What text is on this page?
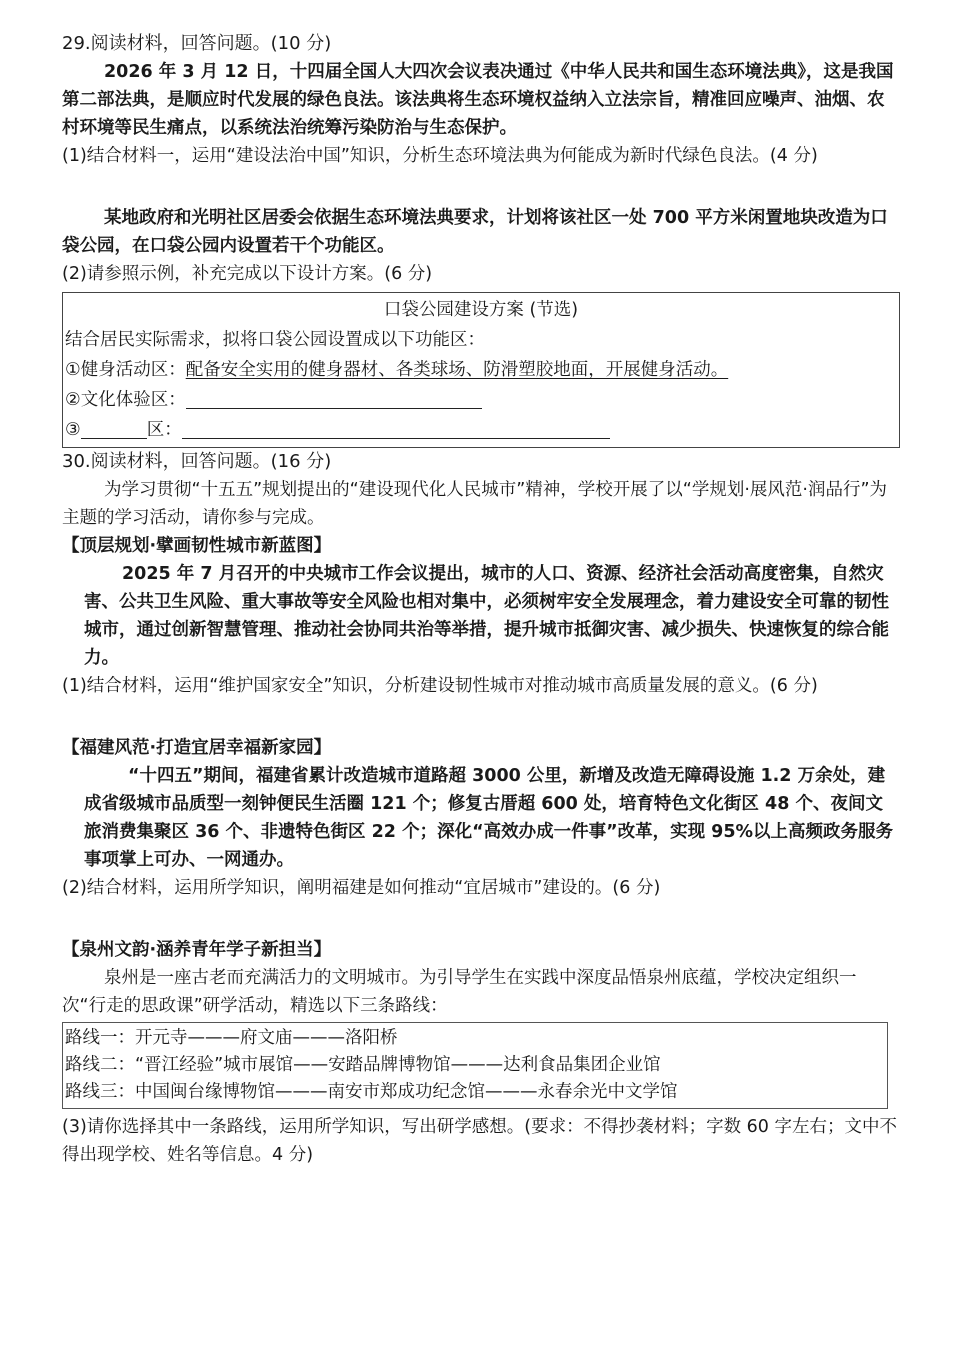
29.阅读材料，回答问题。(10 分)
2026 年 3 月 12 日，十四届全国人大四次会议表决通过《中华人民共和国生态环境法典》，这是我国第二部法典，是顺应时代发展的绿色良法。该法典将生态环境权益纳入立法宗旨，精准回应噪声、油烟、农村环境等民生痛点，以系统法治统筹污染防治与生态保护。
(1)结合材料一，运用“建设法治中国”知识，分析生态环境法典为何能成为新时代绿色良法。(4 分)
某地政府和光明社区居委会依据生态环境法典要求，计划将该社区一处 700 平方米闲置地块改造为口袋公园，在口袋公园内设置若干个功能区。
(2)请参照示例，补充完成以下设计方案。(6 分)
口袋公园建设方案 (节选)
结合居民实际需求，拟将口袋公园设置成以下功能区：
①健身活动区：配备安全实用的健身器材、各类球场、防滑塑胶地面，开展健身活动。
②文化体验区：
③	区：
30.阅读材料，回答问题。(16 分)
为学习贯彻“十五五”规划提出的“建设现代化人民城市”精神，学校开展了以“学规划·展风范·润品行”为主题的学习活动，请你参与完成。
【顶层规划·擘画韧性城市新蓝图】
2025 年 7 月召开的中央城市工作会议提出，城市的人口、资源、经济社会活动高度密集，自然灾害、公共卫生风险、重大事故等安全风险也相对集中，必须树牢安全发展理念，着力建设安全可靠的韧性城市，通过创新智慧管理、推动社会协同共治等举措，提升城市抵御灾害、减少损失、快速恢复的综合能力。
(1)结合材料，运用“维护国家安全”知识，分析建设韧性城市对推动城市高质量发展的意义。(6 分)
【福建风范·打造宜居幸福新家园】
“十四五”期间，福建省累计改造城市道路超 3000 公里，新增及改造无障碍设施 1.2 万余处，建成省级城市品质型一刻钟便民生活圈 121 个；修复古厝超 600 处，培育特色文化街区 48 个、夜间文旅消费集聚区 36 个、非遗特色街区 22 个；深化“高效办成一件事”改革，实现 95%以上高频政务服务事项掌上可办、一网通办。
(2)结合材料，运用所学知识，阐明福建是如何推动“宜居城市”建设的。(6 分)
【泉州文韵·涵养青年学子新担当】
泉州是一座古老而充满活力的文明城市。为引导学生在实践中深度品悟泉州底蕴，学校决定组织一次“行走的思政课”研学活动，精选以下三条路线：
路线一：开元寺———府文庙———洛阳桥
路线二：“晋江经验”城市展馆——安踏品牌博物馆———达利食品集团企业馆
路线三：中国闽台缘博物馆———南安市郑成功纪念馆———永春余光中文学馆
(3)请你选择其中一条路线，运用所学知识，写出研学感想。(要求：不得抄袭材料；字数 60 字左右；文中不得出现学校、姓名等信息。4 分)
